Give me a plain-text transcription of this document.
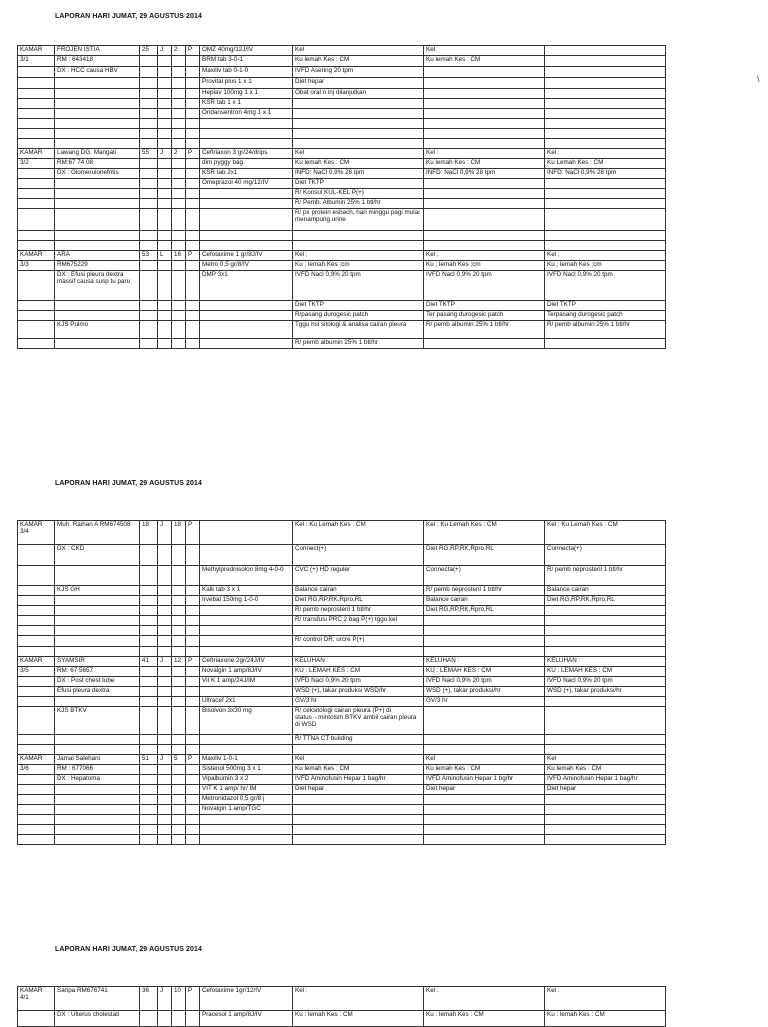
LAPORAN HARI JUMAT, 29 AGUSTUS 2014
\
KAMAR	FROJEN ISTIA	25	J	2	P	OMZ 40mg/12J/IV	Kel	Kel	
3/1	RM : 643418					BRM tab 3-0-1	Ku lemah Kes : CM	Ku lemah Kes : CM	
	DX : HCC causa HBV					Maxiliv tab 0-1-0	IVFD Asering 20 tpm		
						Provital plus 1 x 1	Diet hepar		
						Heplav 100mg 1 x 1	Obat oral n inj dilanjutkan		
						KSR tab 1 x 1			
						Ondansentron 4mg 1 x 1			

KAMAR	Lawang DG. Mangati	55	J	2	P	Ceftriaxon 3 gr/24/drips	Kel	Kel :	Kel :
3/2	RM:67 74 08					dim pyggy bag	Ku lemah Kes : CM	Ku lemah Kes : CM	Ku Lemah Kes : CM
	DX : Glomerulonefritis					KSR tab 2x1	INFD: NaCl 0,9% 28 tpm	INFD: NaCl 0,9% 28 tpm	INFD: NaCl 0,9% 28 tpm
						Omeprazol 40 mg/12/IV	Diet TKTP		
							R/ Konsul KUL-KEL P(+)		
							R/ Pemb. Albumin 25% 1 btl/hr		
							R/ px protein esbach, hari minggu pagi mulai menampung urine		

KAMAR	ARA	53	L	16	P	Cefotaxime 1 gr/8J/IV	Kel ;	Kel ;	Kel ;
3/3	RM675229					Metro 0,5 gr/8/IV	Ku ; lemah Kes ;cm	Ku ; lemah Kes ;cm	Ku ; lemah Kes ;cm
	DX : Efusi pleura dextra massif causa susp tu paru					DMP 3x1	IVFD Nacl 0,9% 20 tpm	IVFD Nacl 0,9% 20 tpm	IVFD Nacl 0,9% 20 tpm
							Diet TKTP	Diet TKTP	Diet TKTP
							R/pasang durogesic patch	Ter pasang durogesic patch	Terpasang durogesic patch
	KJS Pulmo						Tggu hsl sitologi & analisa cairan pleura	R/ pemb albumin 25% 1 btl/hr	R/ pemb albumin 25% 1 btl/hr
							R/ pemb albumin 25% 1 btl/hr		
LAPORAN HARI JUMAT, 29 AGUSTUS 2014
KAMAR 3/4	Muh. Raihan A RM674508	18	J	18	P		Kel : Ku Lemah Kes : CM	Kel : Ku Lemah Kes : CM	Kel : Ku Lemah Kes : CM
	DX : CKD						Connect(+)	Diet RG,RP,RK,Rpro,RL	Connecta(+)
						Methylprednisolon 8mg 4-0-0	CVC (+) HD reguler	Connecta(+)	R/ pemb neprosteril 1 btl/hr
	KJS GH					Kalk tab 3 x 1	Balance cairan	R/ pemb neprosteril 1 btl/hr	Balance cairan
						Irvebal 150mg 1-0-0	Diet RG,RP,RK,Rpro,RL	Balance cairan	Diet RG,RP,RK,Rpro,RL
							R/ pemb neprosteril 1 btl/hr	Diet RG,RP,RK,Rpro,RL	
							R/ transfusi PRC 2 bag P(+) tggu kel		

							R/ control DR, urcre P(+)		

KAMAR	SYAMSIR	41	J	12	P	Ceftriaxone 2gr/24J/IV	KELUHAN :	KELUHAN :	KELUHAN :
3/5	RM: 67 5657					Novalgin 1 amp/8J/IV	KU : LEMAH KES : CM	KU : LEMAH KES : CM	KU : LEMAH KES : CM
	DX : Post chest tube					Vit K 1 amp/24J/IM	IVFD Nacl 0,9% 20 tpm	IVFD Nacl 0,9% 20 tpm	IVFD Nacl 0,9% 20 tpm
	Efusi pleura dextra						WSD (+), takar produksi WSD/hr	WSD (+), takar produksi/hr	WSD (+), takar produksi/hr
						Ultracef 2x1	GV/3 hr	GV/3 hr	
	KJS BTKV					Bisolvon 3x30 mg	R/ ceksitologi cairan pleura (P+) di status→mintolsm BTKV ambil cairan pleura di WSD		
							R/ TTNA CT building		

KAMAR	Jamal Salehani	51	J	5	P	Maxiliv 1-0-1	Kel	Kel	Kel
3/6	RM : 677066					Sistenol 500mg 3 x 1	Ku lemah Kes : CM	Ku lemah Kes : CM	Ku lemah Kes : CM
	DX : Hepatoma					Vipalbumin 3 x 2	IVFD Aminofusin Hepar 1 bag/hr	IVFD Aminofusin Hepar 1 bg/hr	IVFD Aminofusin Hepar 1 bag/hr
						VIT K 1 amp/ hr/ IM	Diet hepar	Diet hepar	Diet hepar
						Metronidazol 0,5 gr/8 j			
						Novalgin 1 amp/TGC			

LAPORAN HARI JUMAT, 29 AGUSTUS 2014
KAMAR 4/1	Saripa RM676741	36	J	10	P	Cefotaxime 1gr/12/IV	Kel :	Kel :	Kel :
	DX : Ulterus cholestati					Pracesol 1 amp/8J/IV	Ku : lemah Kes : CM	Ku : lemah Kes : CM	Ku : lemah Kes : CM
